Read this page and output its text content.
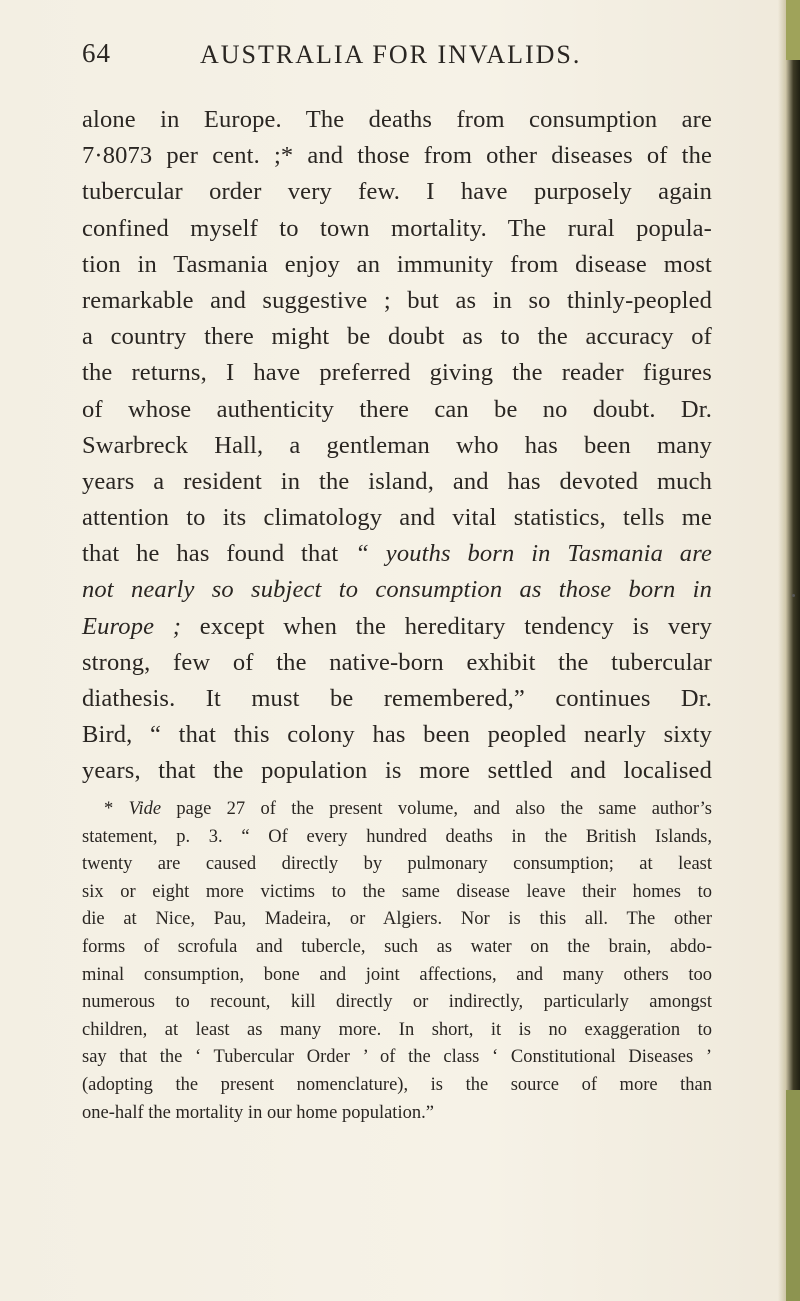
64	AUSTRALIA FOR INVALIDS.
alone in Europe. The deaths from consumption are
7·8073 per cent. ;* and those from other diseases of the
tubercular order very few. I have purposely again
confined myself to town mortality. The rural popula-
tion in Tasmania enjoy an immunity from disease most
remarkable and suggestive ; but as in so thinly-peopled
a country there might be doubt as to the accuracy of
the returns, I have preferred giving the reader figures
of whose authenticity there can be no doubt. Dr.
Swarbreck Hall, a gentleman who has been many
years a resident in the island, and has devoted much
attention to its climatology and vital statistics, tells me
that he has found that “ youths born in Tasmania are
not nearly so subject to consumption as those born in
Europe ; except when the hereditary tendency is very
strong, few of the native-born exhibit the tubercular
diathesis. It must be remembered,” continues Dr.
Bird, “ that this colony has been peopled nearly sixty
years, that the population is more settled and localised
* Vide page 27 of the present volume, and also the same author’s
statement, p. 3. “ Of every hundred deaths in the British Islands,
twenty are caused directly by pulmonary consumption; at least
six or eight more victims to the same disease leave their homes to
die at Nice, Pau, Madeira, or Algiers. Nor is this all. The other
forms of scrofula and tubercle, such as water on the brain, abdo-
minal consumption, bone and joint affections, and many others too
numerous to recount, kill directly or indirectly, particularly amongst
children, at least as many more. In short, it is no exaggeration to
say that the ‘ Tubercular Order ’ of the class ‘ Constitutional Diseases ’
(adopting the present nomenclature), is the source of more than
one-half the mortality in our home population.”
